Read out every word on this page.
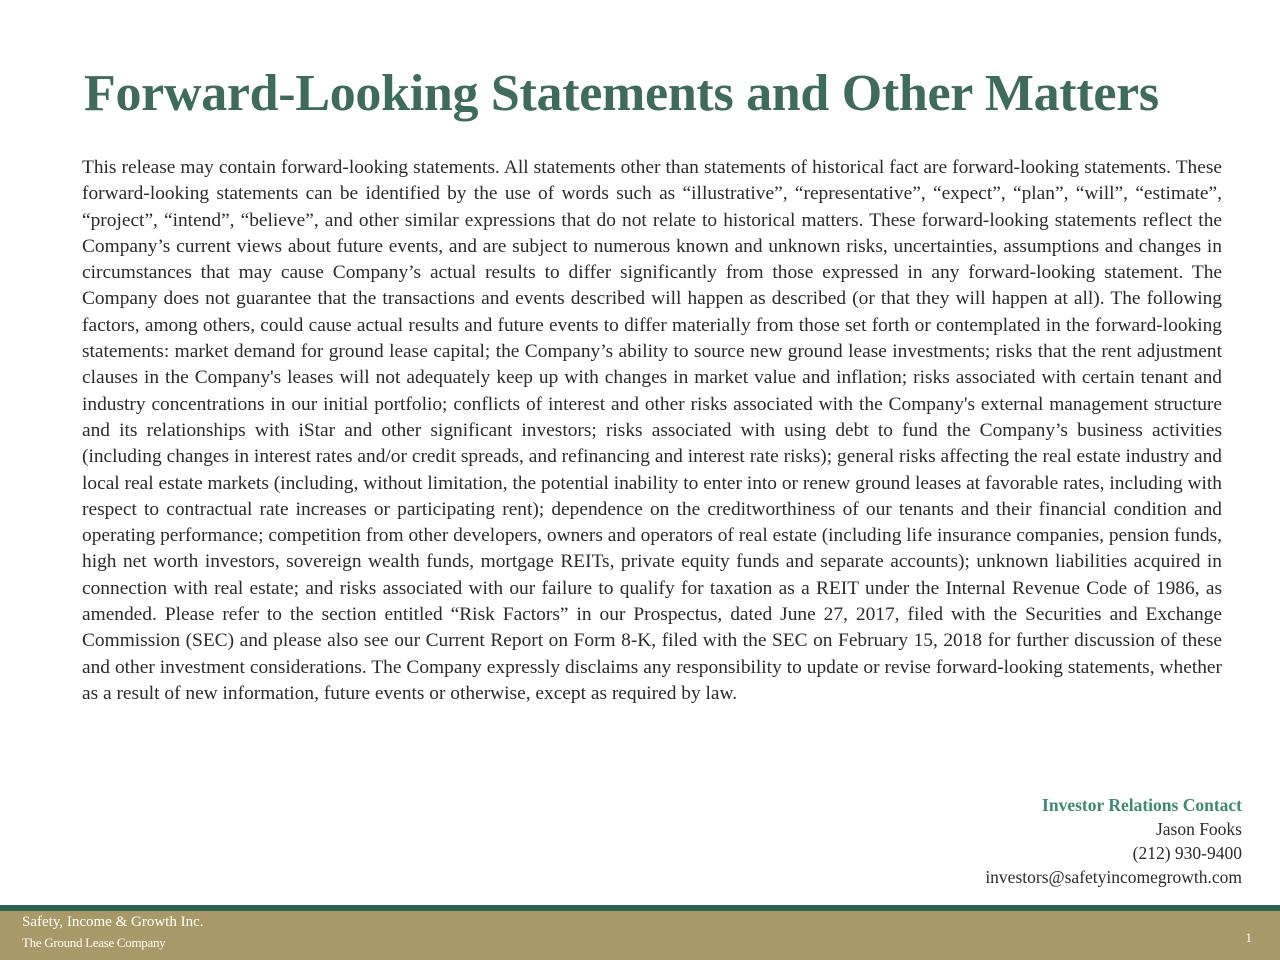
Forward-Looking Statements and Other Matters

This release may contain forward-looking statements. All statements other than statements of historical fact are forward-looking statements. These forward-looking statements can be identified by the use of words such as “illustrative”, “representative”, “expect”, “plan”, “will”, “estimate”, “project”, “intend”, “believe”, and other similar expressions that do not relate to historical matters. These forward-looking statements reflect the Company’s current views about future events, and are subject to numerous known and unknown risks, uncertainties, assumptions and changes in circumstances that may cause Company’s actual results to differ significantly from those expressed in any forward-looking statement. The Company does not guarantee that the transactions and events described will happen as described (or that they will happen at all). The following factors, among others, could cause actual results and future events to differ materially from those set forth or contemplated in the forward-looking statements: market demand for ground lease capital; the Company’s ability to source new ground lease investments; risks that the rent adjustment clauses in the Company's leases will not adequately keep up with changes in market value and inflation; risks associated with certain tenant and industry concentrations in our initial portfolio; conflicts of interest and other risks associated with the Company's external management structure and its relationships with iStar and other significant investors; risks associated with using debt to fund the Company’s business activities (including changes in interest rates and/or credit spreads, and refinancing and interest rate risks); general risks affecting the real estate industry and local real estate markets (including, without limitation, the potential inability to enter into or renew ground leases at favorable rates, including with respect to contractual rate increases or participating rent); dependence on the creditworthiness of our tenants and their financial condition and operating performance; competition from other developers, owners and operators of real estate (including life insurance companies, pension funds, high net worth investors, sovereign wealth funds, mortgage REITs, private equity funds and separate accounts); unknown liabilities acquired in connection with real estate; and risks associated with our failure to qualify for taxation as a REIT under the Internal Revenue Code of 1986, as amended. Please refer to the section entitled “Risk Factors” in our Prospectus, dated June 27, 2017, filed with the Securities and Exchange Commission (SEC) and please also see our Current Report on Form 8-K, filed with the SEC on February 15, 2018 for further discussion of these and other investment considerations. The Company expressly disclaims any responsibility to update or revise forward-looking statements, whether as a result of new information, future events or otherwise, except as required by law.

Investor Relations Contact
Jason Fooks
(212) 930-9400
investors@safetyincomegrowth.com
Safety, Income & Growth Inc.
The Ground Lease Company	1
